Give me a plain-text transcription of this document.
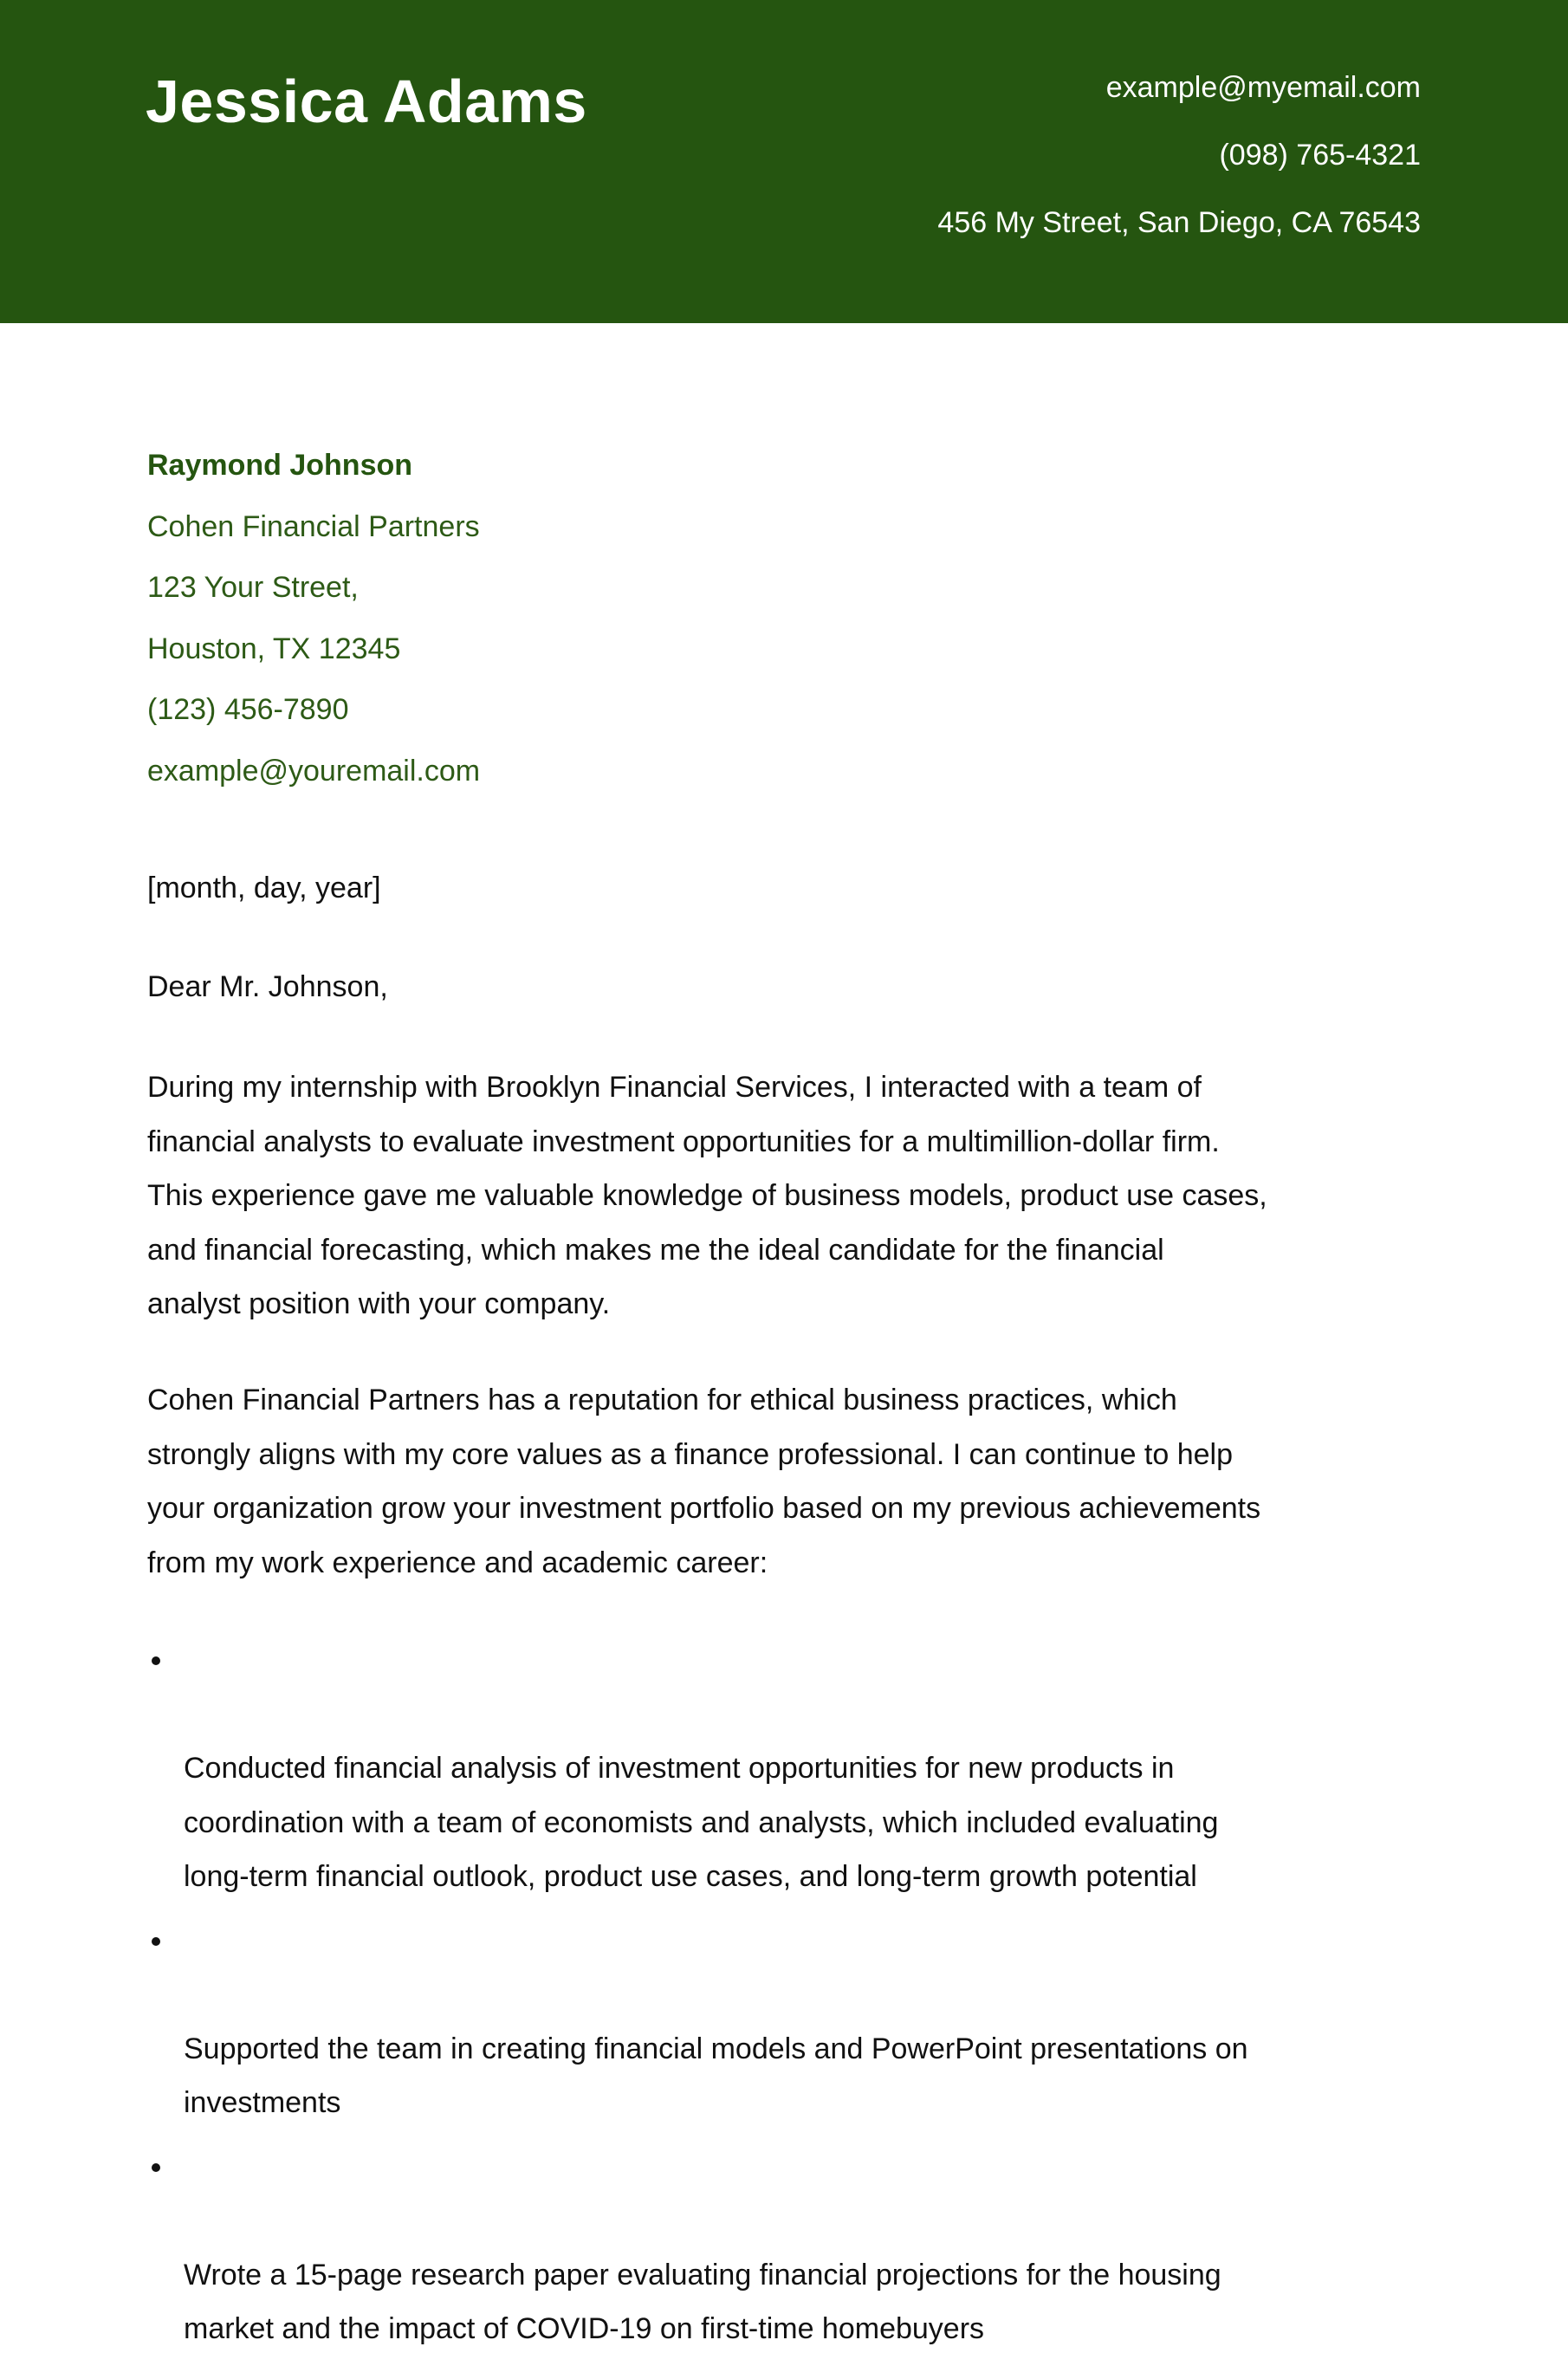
Jessica Adams	example@myemail.com
(098) 765-4321
456 My Street, San Diego, CA 76543
Raymond Johnson
Cohen Financial Partners
123 Your Street,
Houston, TX 12345
(123) 456-7890
example@youremail.com
[month, day, year]
Dear Mr. Johnson,
During my internship with Brooklyn Financial Services, I interacted with a team of
financial analysts to evaluate investment opportunities for a multimillion-dollar firm.
This experience gave me valuable knowledge of business models, product use cases,
and financial forecasting, which makes me the ideal candidate for the financial
analyst position with your company.
Cohen Financial Partners has a reputation for ethical business practices, which
strongly aligns with my core values as a finance professional. I can continue to help
your organization grow your investment portfolio based on my previous achievements
from my work experience and academic career:

Conducted financial analysis of investment opportunities for new products in
coordination with a team of economists and analysts, which included evaluating
long-term financial outlook, product use cases, and long-term growth potential

Supported the team in creating financial models and PowerPoint presentations on
investments

Wrote a 15-page research paper evaluating financial projections for the housing
market and the impact of COVID-19 on first-time homebuyers
